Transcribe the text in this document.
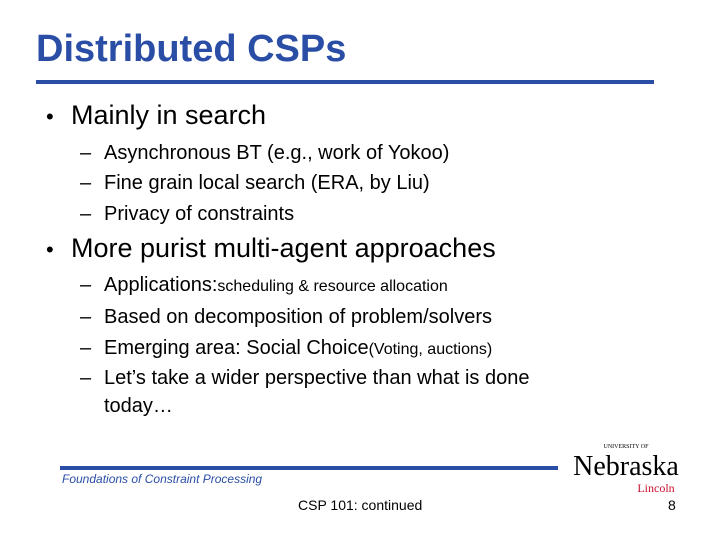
Distributed CSPs
• Mainly in search
– Asynchronous BT (e.g., work of Yokoo)
– Fine grain local search (ERA, by Liu)
– Privacy of constraints
• More purist multi-agent approaches
– Applications: scheduling & resource allocation
– Based on decomposition of problem/solvers
– Emerging area: Social Choice (Voting, auctions)
– Let’s take a wider perspective than what is done
today…
Foundations of Constraint Processing
CSP 101: continued	8
UNIVERSITY OF
Nebraska
Lincoln
